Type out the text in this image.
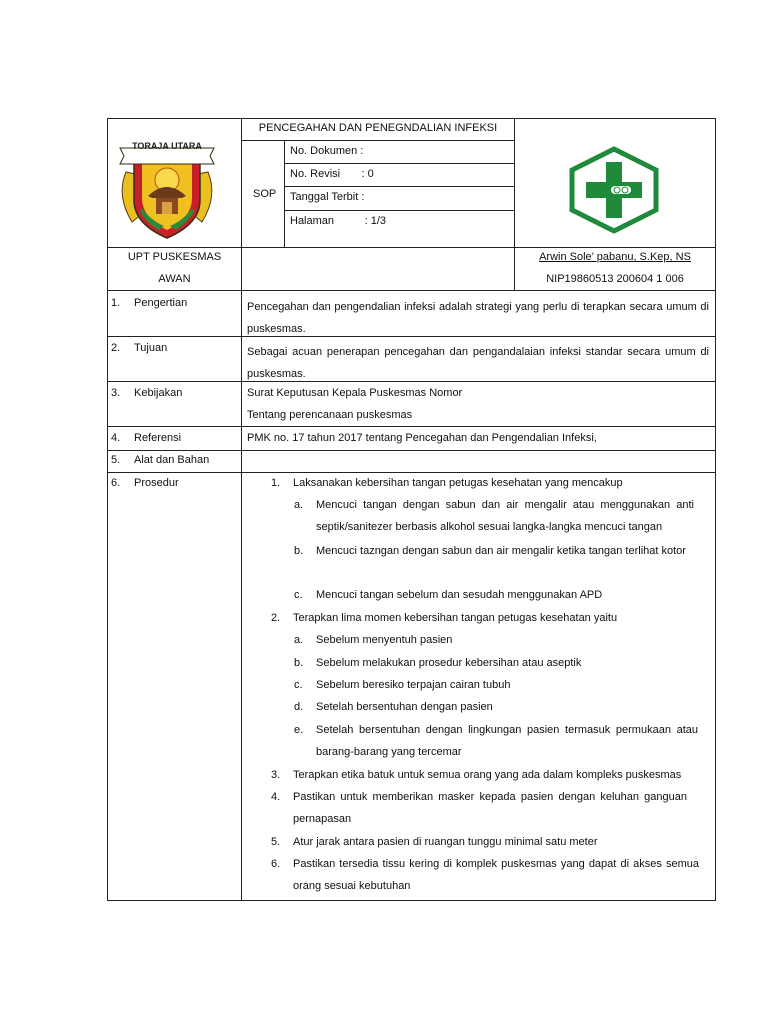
TORAJA UTARA
PENCEGAHAN DAN PENEGNDALIAN INFEKSI
SOP
No. Dokumen :
No. Revisi       : 0
Tanggal Terbit :
Halaman          : 1/3
UPT PUSKESMAS
AWAN
Arwin Sole’ pabanu, S.Kep, NS
NIP19860513 200604 1 006
1. Pengertian
2. Tujuan
3. Kebijakan
4. Referensi
5. Alat dan Bahan
6. Prosedur
Pencegahan dan pengendalian infeksi adalah strategi yang perlu di terapkan secara umum di puskesmas.
Sebagai acuan penerapan pencegahan dan pengandalaian infeksi standar secara umum di puskesmas.
Surat Keputusan Kepala Puskesmas Nomor
Tentang perencanaan puskesmas
PMK no. 17 tahun 2017 tentang Pencegahan dan Pengendalian Infeksi,
1. Laksanakan kebersihan tangan petugas kesehatan yang mencakup
a. Mencuci tangan dengan sabun dan air mengalir atau menggunakan anti septik/sanitezer berbasis alkohol sesuai langka-langka mencuci tangan
b. Mencuci tazngan dengan sabun dan air mengalir ketika tangan terlihat kotor
c. Mencuci tangan sebelum dan sesudah menggunakan APD
2. Terapkan lima momen kebersihan tangan petugas kesehatan yaitu
a. Sebelum menyentuh pasien
b. Sebelum melakukan prosedur kebersihan atau aseptik
c. Sebelum beresiko terpajan cairan tubuh
d. Setelah bersentuhan dengan pasien
e. Setelah bersentuhan dengan lingkungan pasien termasuk permukaan atau barang-barang yang tercemar
3. Terapkan etika batuk untuk semua orang yang ada dalam kompleks puskesmas
4. Pastikan untuk memberikan masker kepada pasien dengan keluhan ganguan pernapasan
5. Atur jarak antara pasien di ruangan tunggu minimal satu meter
6. Pastikan tersedia tissu kering di komplek puskesmas yang dapat di akses semua orang sesuai kebutuhan
